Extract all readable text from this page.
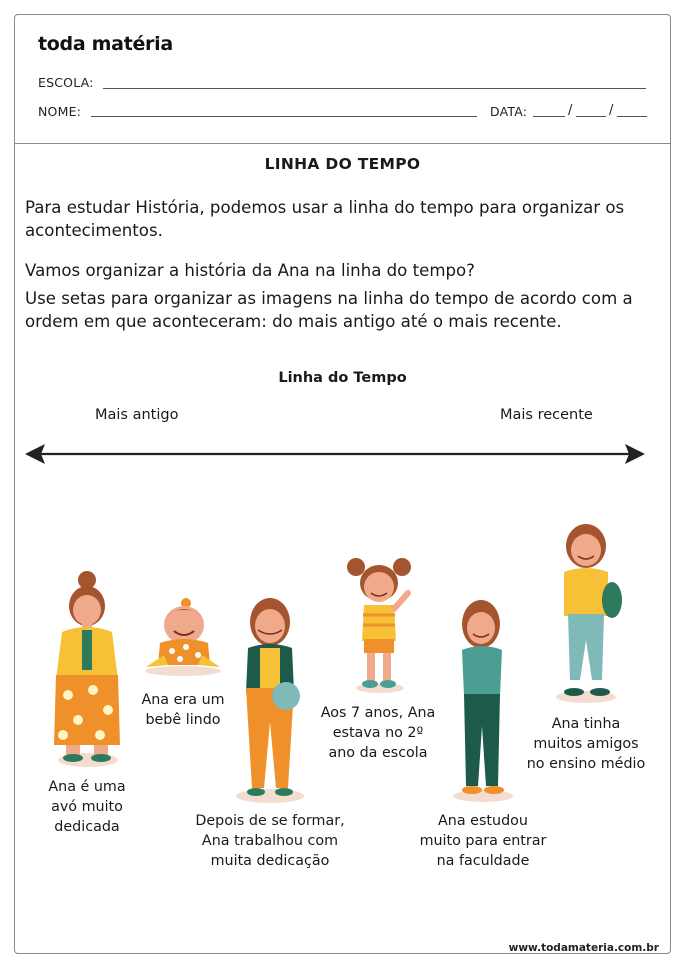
toda matéria
ESCOLA:
NOME:	DATA:	/	/
LINHA DO TEMPO
Para estudar História, podemos usar a linha do tempo para organizar os acontecimentos.
Vamos organizar a história da Ana na linha do tempo?
Use setas para organizar as imagens na linha do tempo de acordo com a ordem em que aconteceram: do mais antigo até o mais recente.
Linha do Tempo
Mais antigo	Mais recente
Ana é uma
avó muito
dedicada
Ana era um
bebê lindo
Depois de se formar,
Ana trabalhou com
muita dedicação
Aos 7 anos, Ana
estava no 2º
ano da escola
Ana estudou
muito para entrar
na faculdade
Ana tinha
muitos amigos
no ensino médio
www.todamateria.com.br
